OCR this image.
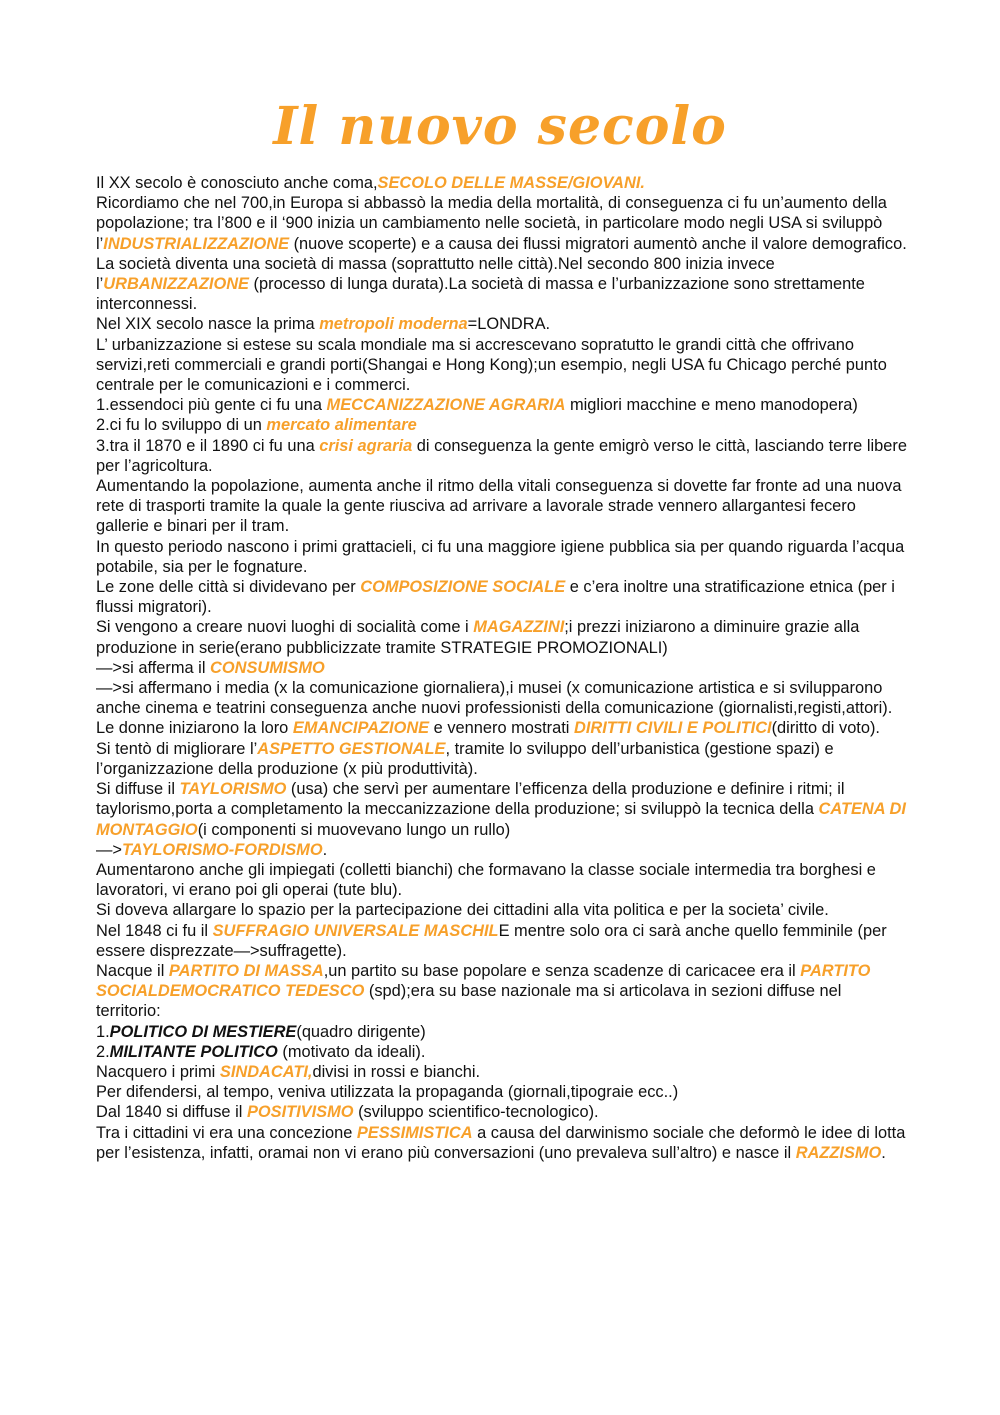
Il nuovo secolo

Il XX secolo è conosciuto anche coma,SECOLO DELLE MASSE/GIOVANI.

Ricordiamo che nel 700,in Europa si abbassò la media della mortalità, di conseguenza ci fu un’aumento della popolazione; tra l’800 e il ‘900 inizia un cambiamento nelle società, in particolare modo negli USA si sviluppò l’INDUSTRIALIZZAZIONE (nuove scoperte) e a causa dei flussi migratori aumentò anche il valore demografico.

La società diventa una società di massa (soprattutto nelle città).Nel secondo 800 inizia invece l’URBANIZZAZIONE (processo di lunga durata).La società di massa e l’urbanizzazione sono strettamente interconnessi.

Nel XIX secolo nasce la prima metropoli moderna=LONDRA.

L’ urbanizzazione si estese su scala mondiale ma si accrescevano sopratutto le grandi città che offrivano servizi,reti commerciali e grandi porti(Shangai e Hong Kong);un esempio, negli USA fu Chicago perché punto centrale per le comunicazioni e i commerci.

1.essendoci più gente ci fu una MECCANIZZAZIONE AGRARIA migliori macchine e meno manodopera)

2.ci fu lo sviluppo di un mercato alimentare

3.tra il 1870 e il 1890 ci fu una crisi agraria di conseguenza la gente emigrò verso le città, lasciando terre libere per l’agricoltura.

Aumentando la popolazione, aumenta anche il ritmo della vitali conseguenza si dovette far fronte ad una nuova rete di trasporti tramite la quale la gente riusciva ad arrivare a lavorale strade vennero allargantesi fecero gallerie e binari per il tram.

In questo periodo nascono i primi grattacieli, ci fu una maggiore igiene pubblica sia per quando riguarda l’acqua potabile, sia per le fognature.

Le zone delle città si dividevano per COMPOSIZIONE SOCIALE e c’era inoltre una stratificazione etnica (per i flussi migratori).

Si vengono a creare nuovi luoghi di socialità come i MAGAZZINI;i prezzi iniziarono a diminuire grazie alla produzione in serie(erano pubblicizzate tramite STRATEGIE PROMOZIONALI)

—>si afferma il CONSUMISMO

—>si affermano i media (x la comunicazione giornaliera),i musei (x comunicazione artistica e si svilupparono anche cinema e teatrini conseguenza anche nuovi professionisti della comunicazione (giornalisti,registi,attori).

Le donne iniziarono la loro EMANCIPAZIONE e vennero mostrati DIRITTI CIVILI E POLITICI(diritto di voto).

Si tentò di migliorare l’ASPETTO GESTIONALE, tramite lo sviluppo dell’urbanistica (gestione spazi) e l’organizzazione della produzione (x più produttività).

Si diffuse il TAYLORISMO (usa) che servì per aumentare l’efficenza della produzione e definire i ritmi; il taylorismo,porta a completamento la meccanizzazione della produzione; si sviluppò la tecnica della CATENA DI MONTAGGIO(i componenti si muovevano lungo un rullo)

—>TAYLORISMO-FORDISMO.

Aumentarono anche gli impiegati (colletti bianchi) che formavano la classe sociale intermedia tra borghesi e lavoratori, vi erano poi gli operai (tute blu).

Si doveva allargare lo spazio per la partecipazione dei cittadini alla vita politica e per la societa’ civile.

Nel 1848 ci fu il SUFFRAGIO UNIVERSALE MASCHILE mentre solo ora ci sarà anche quello femminile (per essere disprezzate—>suffragette).

Nacque il PARTITO DI MASSA,un partito su base popolare e senza scadenze di caricacee era il PARTITO SOCIALDEMOCRATICO TEDESCO (spd);era su base nazionale ma si articolava in sezioni diffuse nel territorio:

1.POLITICO DI MESTIERE(quadro dirigente)

2.MILITANTE POLITICO (motivato da ideali).

Nacquero i primi SINDACATI,divisi in rossi e bianchi.

Per difendersi, al tempo, veniva utilizzata la propaganda (giornali,tipograie ecc..)

Dal 1840 si diffuse il POSITIVISMO (sviluppo scientifico-tecnologico).

Tra i cittadini vi era una concezione PESSIMISTICA a causa del darwinismo sociale che deformò le idee di lotta per l’esistenza, infatti, oramai non vi erano più conversazioni (uno prevaleva sull’altro) e nasce il RAZZISMO.
